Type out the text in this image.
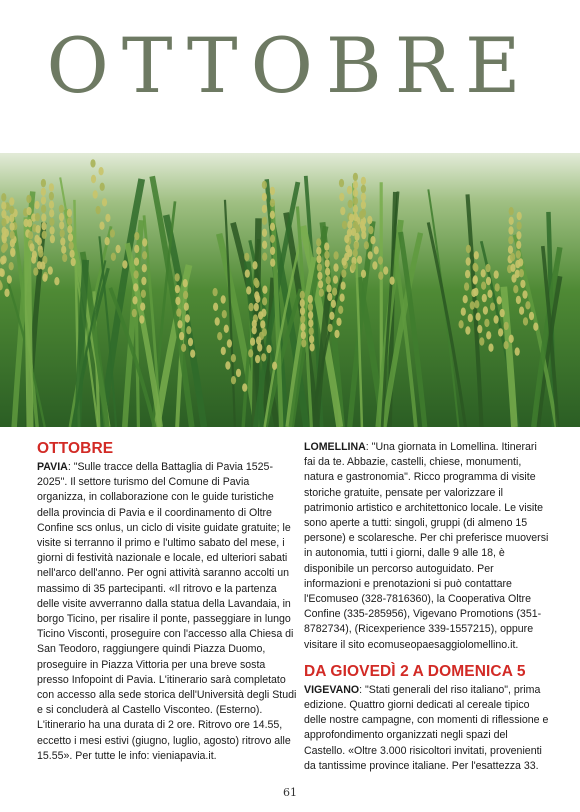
OTTOBRE
OTTOBRE

PAVIA: "Sulle tracce della Battaglia di Pavia 1525-2025". Il settore turismo del Comune di Pavia organizza, in collaborazione con le guide turistiche della provincia di Pavia e il coordinamento di Oltre Confine scs onlus, un ciclo di visite guidate gratuite; le visite si terranno il primo e l'ultimo sabato del mese, i giorni di festività nazionale e locale, ed ulteriori sabati nell'arco dell'anno. Per ogni attività saranno accolti un massimo di 35 partecipanti. «Il ritrovo e la partenza delle visite avverranno dalla statua della Lavandaia, in borgo Ticino, per risalire il ponte, passeggiare in lungo Ticino Visconti, proseguire con l'accesso alla Chiesa di San Teodoro, raggiungere quindi Piazza Duomo, proseguire in Piazza Vittoria per una breve sosta presso Infopoint di Pavia. L'itinerario sarà completato con accesso alla sede storica dell'Università degli Studi e si concluderà al Castello Visconteo. (Esterno). L'itinerario ha una durata di 2 ore. Ritrovo ore 14.55, eccetto i mesi estivi (giugno, luglio, agosto) ritrovo alle 15.55». Per tutte le info: vieniapavia.it.

LOMELLINA: "Una giornata in Lomellina. Itinerari fai da te. Abbazie, castelli, chiese, monumenti, natura e gastronomia". Ricco programma di visite storiche gratuite, pensate per valorizzare il patrimonio artistico e architettonico locale. Le visite sono aperte a tutti: singoli, gruppi (di almeno 15 persone) e scolaresche. Per chi preferisce muoversi in autonomia, tutti i giorni, dalle 9 alle 18, è disponibile un percorso autoguidato. Per informazioni e prenotazioni si può contattare l'Ecomuseo (328-7816360), la Cooperativa Oltre Confine (335-285956), Vigevano Promotions (351- 8782734), (Ricexperience 339-1557215), oppure visitare il sito ecomuseopaesaggiolomellino.it.

DA GIOVEDÌ 2 A DOMENICA 5

VIGEVANO: "Stati generali del riso italiano", prima edizione. Quattro giorni dedicati al cereale tipico delle nostre campagne, con momenti di riflessione e approfondimento organizzati negli spazi del Castello. «Oltre 3.000 risicoltori invitati, provenienti da tantissime province italiane. Per l'esattezza 33.

61
